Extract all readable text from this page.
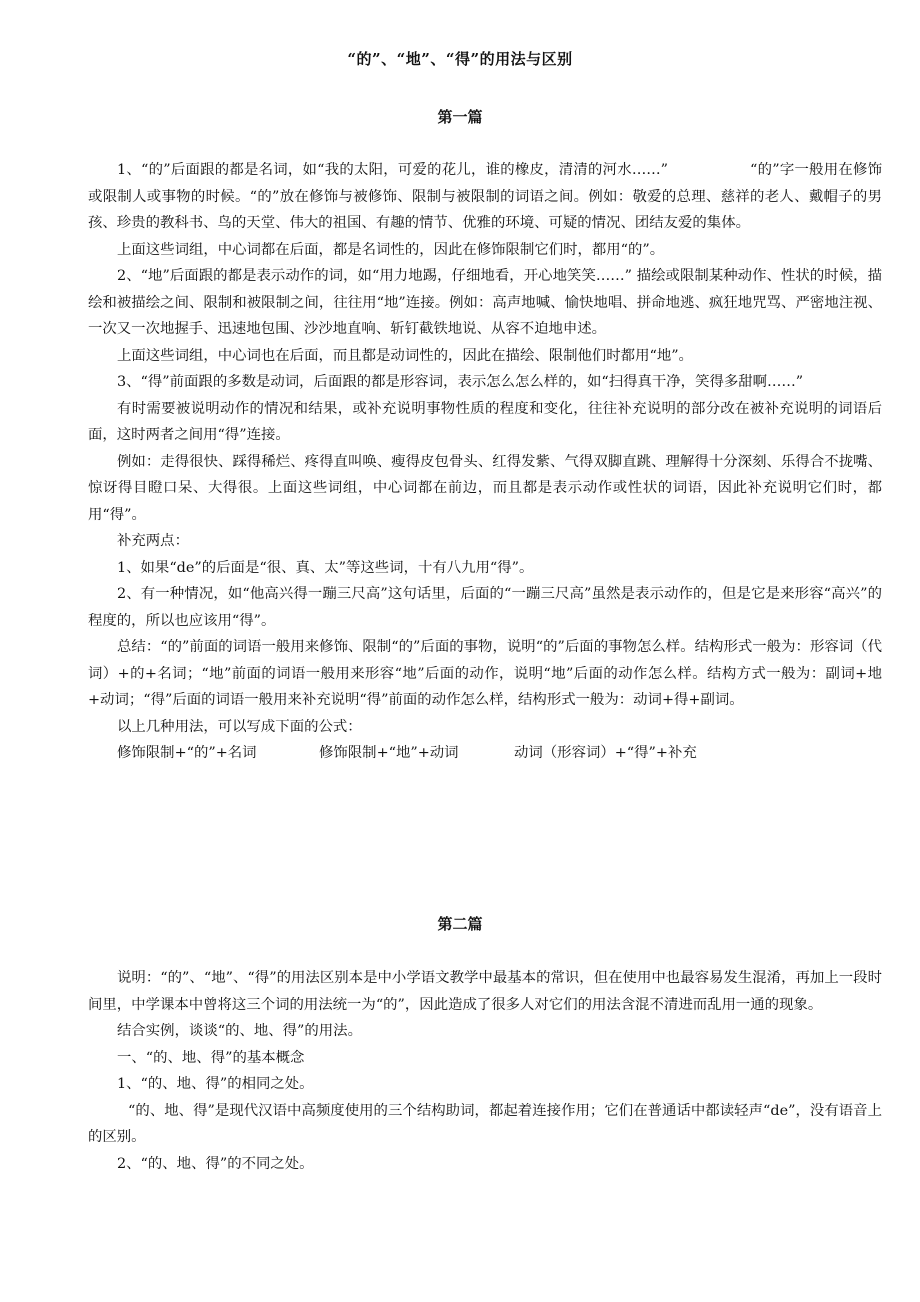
“的”、“地”、“得”的用法与区别
第一篇

1、“的”后面跟的都是名词，如“我的太阳，可爱的花儿，谁的橡皮，清清的河水……”	“的”字一般用在修饰或限制人或事物的时候。“的”放在修饰与被修饰、限制与被限制的词语之间。例如：敬爱的总理、慈祥的老人、戴帽子的男孩、珍贵的教科书、鸟的天堂、伟大的祖国、有趣的情节、优雅的环境、可疑的情况、团结友爱的集体。

上面这些词组，中心词都在后面，都是名词性的，因此在修饰限制它们时，都用“的”。

2、“地”后面跟的都是表示动作的词，如“用力地踢，仔细地看，开心地笑笑……” 描绘或限制某种动作、性状的时候，描绘和被描绘之间、限制和被限制之间，往往用“地”连接。例如：高声地喊、愉快地唱、拼命地逃、疯狂地咒骂、严密地注视、一次又一次地握手、迅速地包围、沙沙地直响、斩钉截铁地说、从容不迫地申述。

上面这些词组，中心词也在后面，而且都是动词性的，因此在描绘、限制他们时都用“地”。

3、“得”前面跟的多数是动词，后面跟的都是形容词，表示怎么怎么样的，如“扫得真干净，笑得多甜啊……”

有时需要被说明动作的情况和结果，或补充说明事物性质的程度和变化，往往补充说明的部分改在被补充说明的词语后面，这时两者之间用“得”连接。

例如：走得很快、踩得稀烂、疼得直叫唤、瘦得皮包骨头、红得发紫、气得双脚直跳、理解得十分深刻、乐得合不拢嘴、惊讶得目瞪口呆、大得很。上面这些词组，中心词都在前边，而且都是表示动作或性状的词语，因此补充说明它们时，都用“得”。

补充两点：

1、如果“de”的后面是“很、真、太”等这些词，十有八九用“得”。

2、有一种情况，如“他高兴得一蹦三尺高”这句话里，后面的“一蹦三尺高”虽然是表示动作的，但是它是来形容“高兴”的程度的，所以也应该用“得”。

总结：“的”前面的词语一般用来修饰、限制“的”后面的事物，说明“的”后面的事物怎么样。结构形式一般为：形容词（代词）+的+名词；“地”前面的词语一般用来形容“地”后面的动作，说明“地”后面的动作怎么样。结构方式一般为：副词+地+动词；“得”后面的词语一般用来补充说明“得”前面的动作怎么样，结构形式一般为：动词+得+副词。

以上几种用法，可以写成下面的公式：

修饰限制+“的”+名词	修饰限制+“地”+动词	动词（形容词）+“得”+补充

第二篇

说明：“的”、“地”、“得”的用法区别本是中小学语文教学中最基本的常识，但在使用中也最容易发生混淆，再加上一段时间里，中学课本中曾将这三个词的用法统一为“的”，因此造成了很多人对它们的用法含混不清进而乱用一通的现象。

结合实例，谈谈“的、地、得”的用法。

一、“的、地、得”的基本概念

1、“的、地、得”的相同之处。

“的、地、得”是现代汉语中高频度使用的三个结构助词，都起着连接作用；它们在普通话中都读轻声“de”，没有语音上的区别。

2、“的、地、得”的不同之处。
